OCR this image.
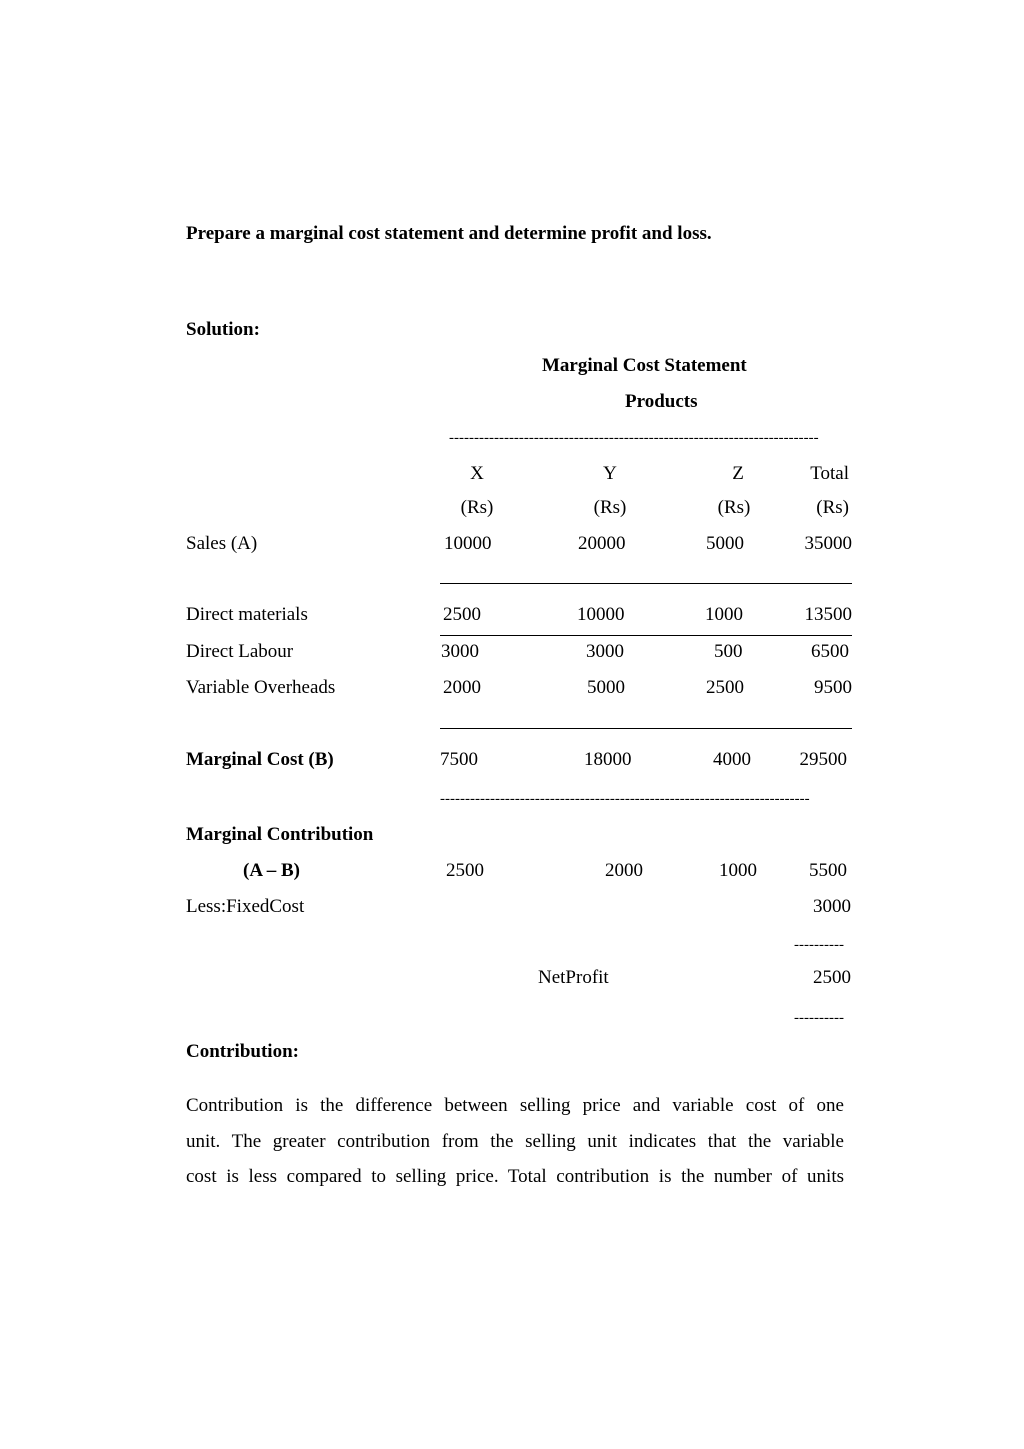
Prepare a marginal cost statement and determine profit and loss.
Solution:
Marginal Cost Statement
Products
--------------------------------------------------------------------------
X	Y	Z	Total
(Rs)	(Rs)	(Rs)	(Rs)
Sales (A)	10000	20000	5000	35000
Direct materials	2500	10000	1000	13500
Direct Labour	3000	3000	500	6500
Variable Overheads	2000	5000	2500	9500
Marginal Cost (B)	7500	18000	4000	29500
--------------------------------------------------------------------------
Marginal Contribution
(A – B)	2500	2000	1000	5500
Less:FixedCost	3000
----------
NetProfit	2500
----------
Contribution:
Contribution is the difference between selling price and variable cost of one
unit. The greater contribution from the selling unit indicates that the variable
cost is less compared to selling price. Total contribution is the number of units
